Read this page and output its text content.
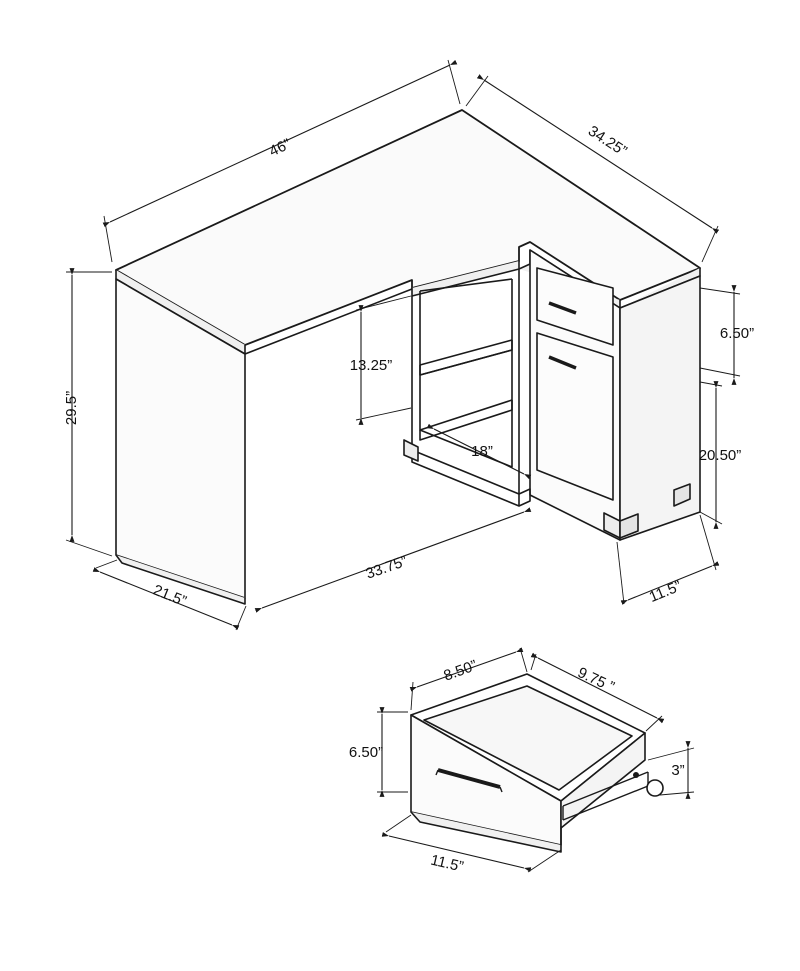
46”	34.25”
29.5”
21.5”
13.25”
18”
33.75”
11.5”
6.50”
20.50”
8.50”	9.75 ”
6.50”
3”
11.5”
